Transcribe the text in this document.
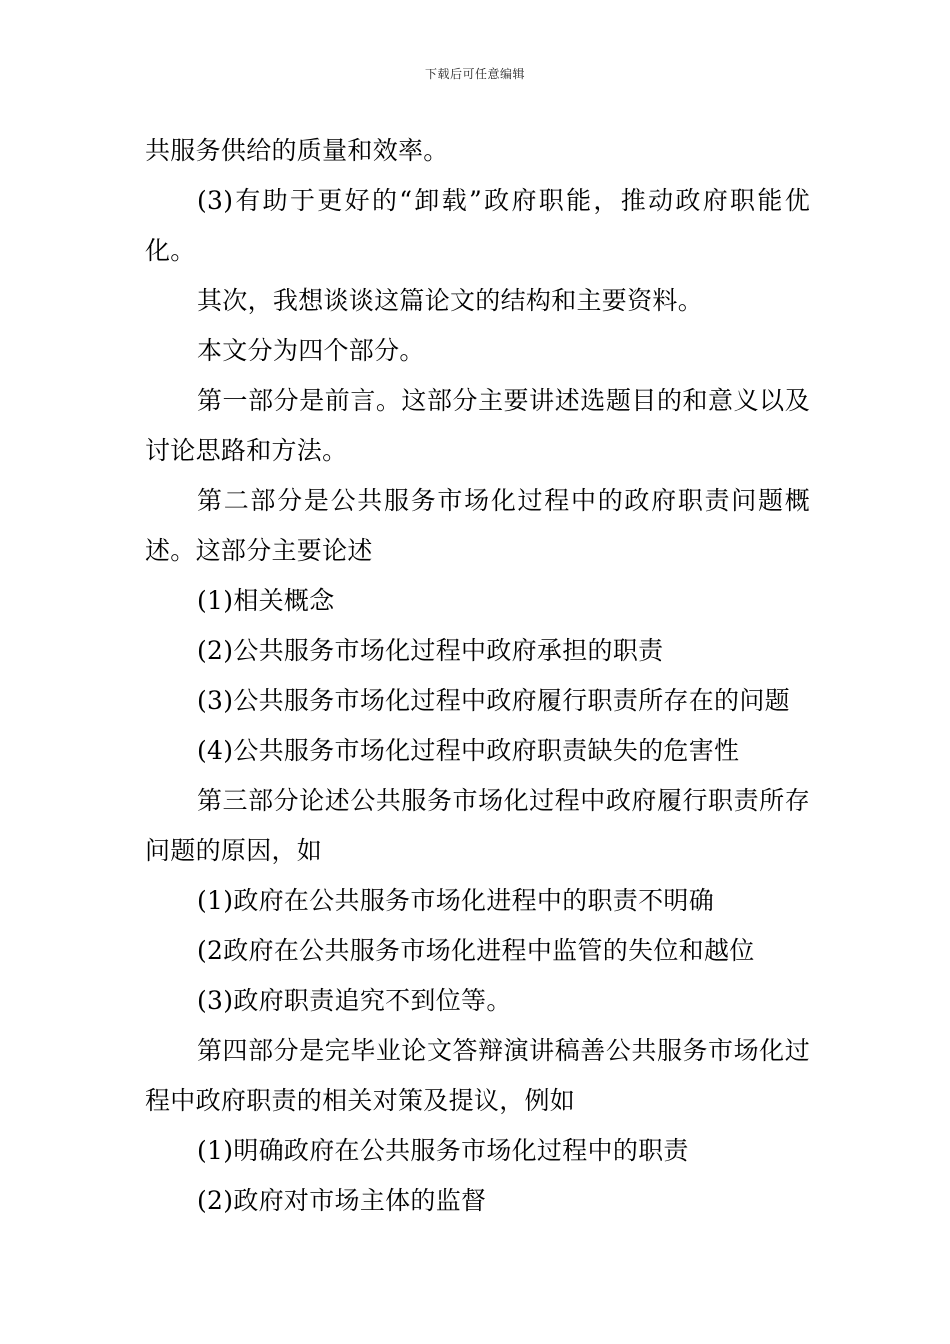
下载后可任意编辑

共服务供给的质量和效率。

(3)有助于更好的“卸载”政府职能，推动政府职能优化。

其次，我想谈谈这篇论文的结构和主要资料。

本文分为四个部分。

第一部分是前言。这部分主要讲述选题目的和意义以及讨论思路和方法。

第二部分是公共服务市场化过程中的政府职责问题概述。这部分主要论述

(1)相关概念

(2)公共服务市场化过程中政府承担的职责

(3)公共服务市场化过程中政府履行职责所存在的问题

(4)公共服务市场化过程中政府职责缺失的危害性

第三部分论述公共服务市场化过程中政府履行职责所存问题的原因，如

(1)政府在公共服务市场化进程中的职责不明确

(2政府在公共服务市场化进程中监管的失位和越位

(3)政府职责追究不到位等。

第四部分是完毕业论文答辩演讲稿善公共服务市场化过程中政府职责的相关对策及提议，例如

(1)明确政府在公共服务市场化过程中的职责

(2)政府对市场主体的监督
